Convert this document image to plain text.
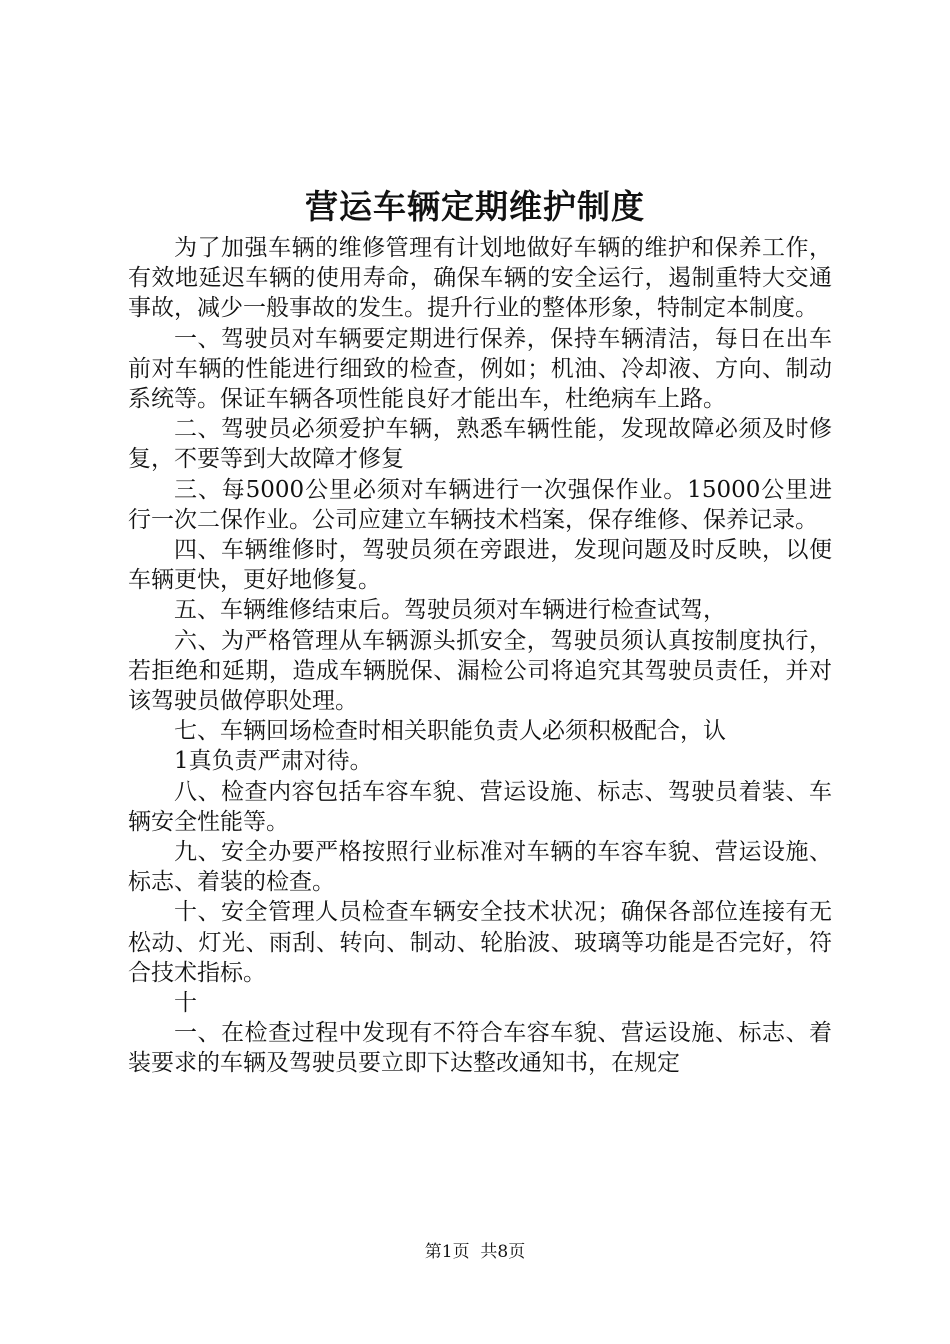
营运车辆定期维护制度

为了加强车辆的维修管理有计划地做好车辆的维护和保养工作，有效地延迟车辆的使用寿命，确保车辆的安全运行，遏制重特大交通事故，减少一般事故的发生。提升行业的整体形象，特制定本制度。

一、驾驶员对车辆要定期进行保养，保持车辆清洁，每日在出车前对车辆的性能进行细致的检查，例如；机油、冷却液、方向、制动系统等。保证车辆各项性能良好才能出车，杜绝病车上路。

二、驾驶员必须爱护车辆，熟悉车辆性能，发现故障必须及时修复，不要等到大故障才修复

三、每5000公里必须对车辆进行一次强保作业。15000公里进行一次二保作业。公司应建立车辆技术档案，保存维修、保养记录。

四、车辆维修时，驾驶员须在旁跟进，发现问题及时反映，以便车辆更快，更好地修复。

五、车辆维修结束后。驾驶员须对车辆进行检查试驾，

六、为严格管理从车辆源头抓安全，驾驶员须认真按制度执行，若拒绝和延期，造成车辆脱保、漏检公司将追究其驾驶员责任，并对该驾驶员做停职处理。

七、车辆回场检查时相关职能负责人必须积极配合，认

1真负责严肃对待。

八、检查内容包括车容车貌、营运设施、标志、驾驶员着装、车辆安全性能等。

九、安全办要严格按照行业标准对车辆的车容车貌、营运设施、标志、着装的检查。

十、安全管理人员检查车辆安全技术状况；确保各部位连接有无松动、灯光、雨刮、转向、制动、轮胎波、玻璃等功能是否完好，符合技术指标。

十

一、在检查过程中发现有不符合车容车貌、营运设施、标志、着装要求的车辆及驾驶员要立即下达整改通知书，在规定

第1页  共8页
